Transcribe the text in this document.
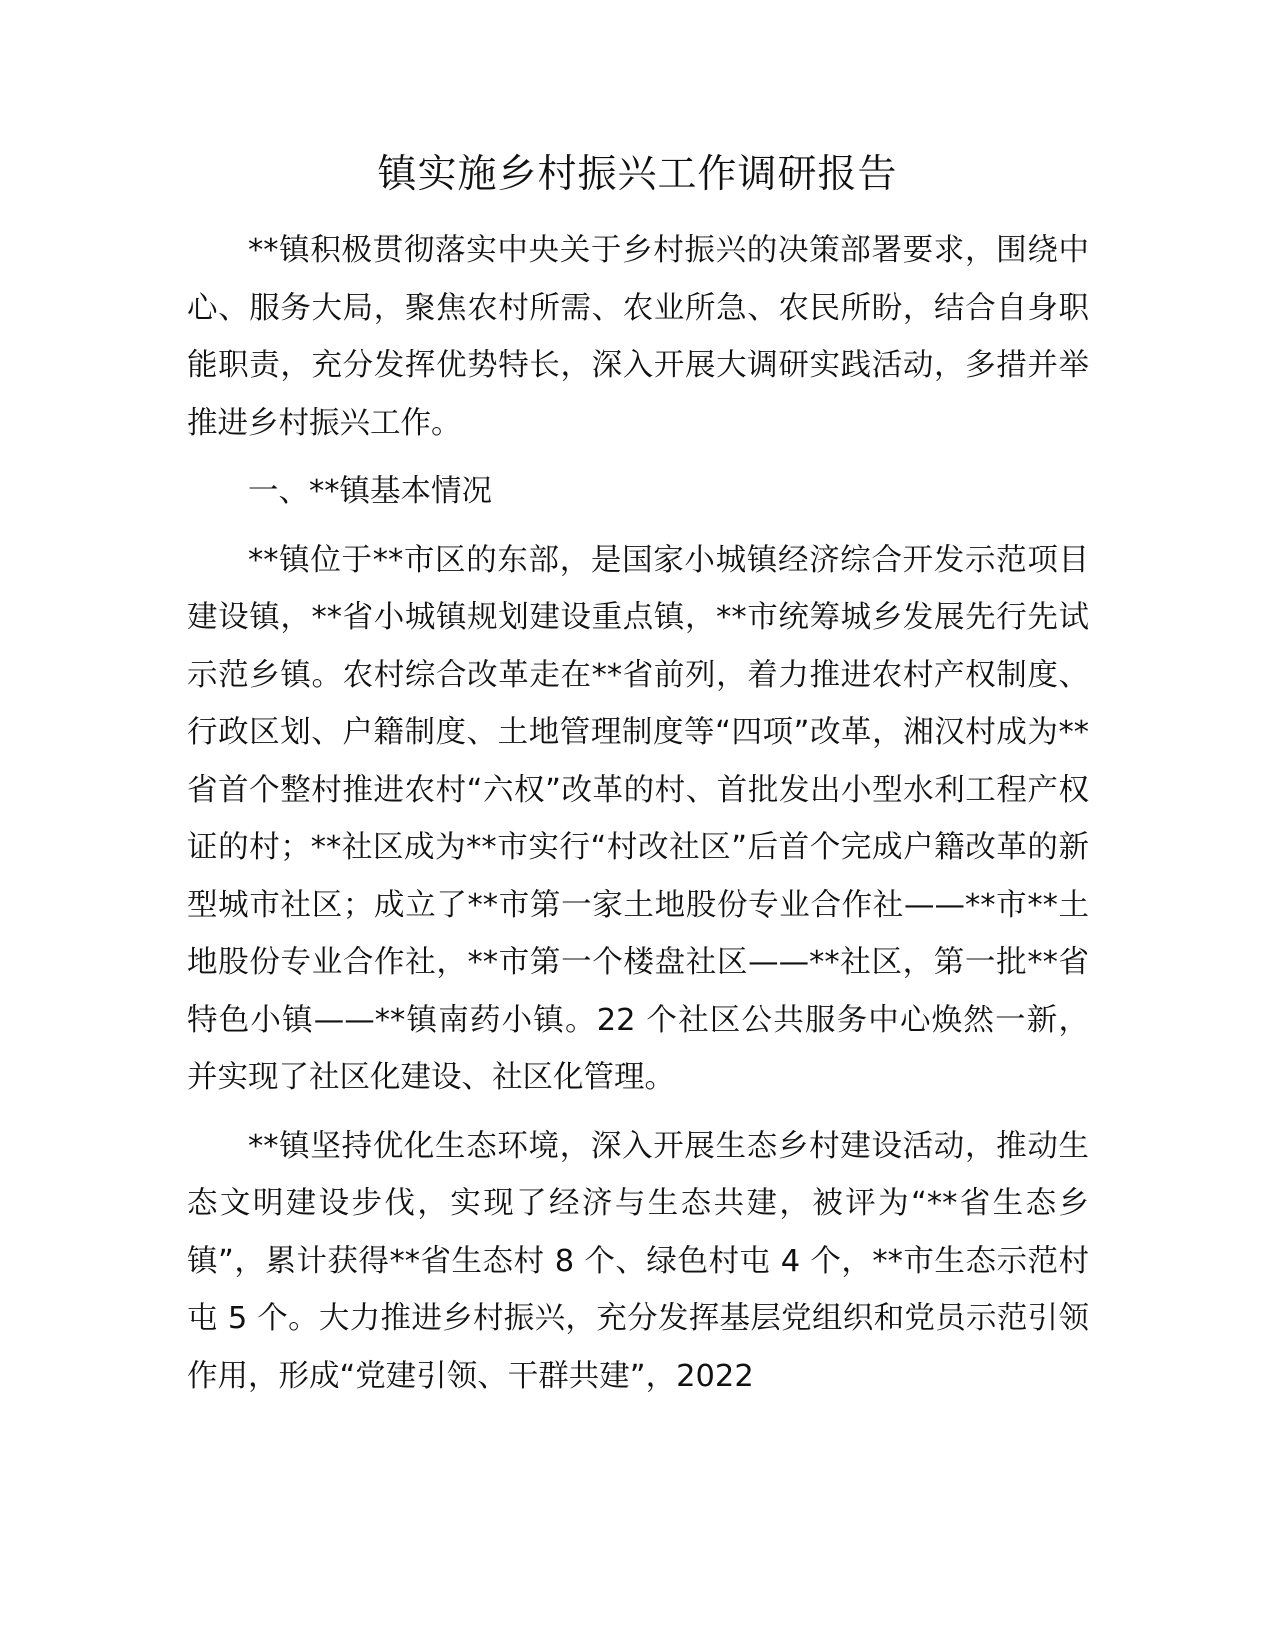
镇实施乡村振兴工作调研报告

**镇积极贯彻落实中央关于乡村振兴的决策部署要求，围绕中心、服务大局，聚焦农村所需、农业所急、农民所盼，结合自身职能职责，充分发挥优势特长，深入开展大调研实践活动，多措并举推进乡村振兴工作。

一、**镇基本情况

**镇位于**市区的东部，是国家小城镇经济综合开发示范项目建设镇，**省小城镇规划建设重点镇，**市统筹城乡发展先行先试示范乡镇。农村综合改革走在**省前列，着力推进农村产权制度、行政区划、户籍制度、土地管理制度等“四项”改革，湘汉村成为**省首个整村推进农村“六权”改革的村、首批发出小型水利工程产权证的村；**社区成为**市实行“村改社区”后首个完成户籍改革的新型城市社区；成立了**市第一家土地股份专业合作社——**市**土地股份专业合作社，**市第一个楼盘社区——**社区，第一批**省特色小镇——**镇南药小镇。22 个社区公共服务中心焕然一新，并实现了社区化建设、社区化管理。

**镇坚持优化生态环境，深入开展生态乡村建设活动，推动生态文明建设步伐，实现了经济与生态共建，被评为“**省生态乡镇”，累计获得**省生态村 8 个、绿色村屯 4 个，**市生态示范村屯 5 个。大力推进乡村振兴，充分发挥基层党组织和党员示范引领作用，形成“党建引领、干群共建”，2022
